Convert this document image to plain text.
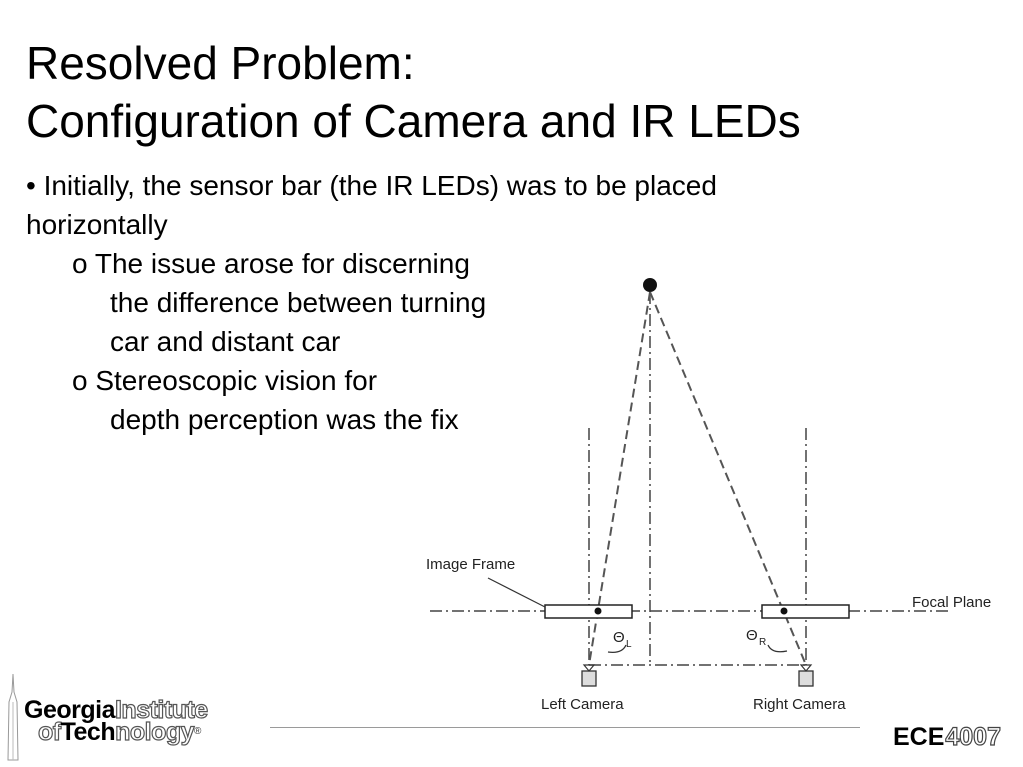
Resolved Problem:
Configuration of Camera and IR LEDs
• Initially, the sensor bar (the IR LEDs) was to be placed
horizontally
o The issue arose for discerning
the difference between turning
car and distant car
o Stereoscopic vision for
depth perception was the fix
Image Frame
Focal Plane
Θ L
Θ R
Left Camera	Right Camera
GeorgiaInstitute
ofTechnology®	ECE4007
